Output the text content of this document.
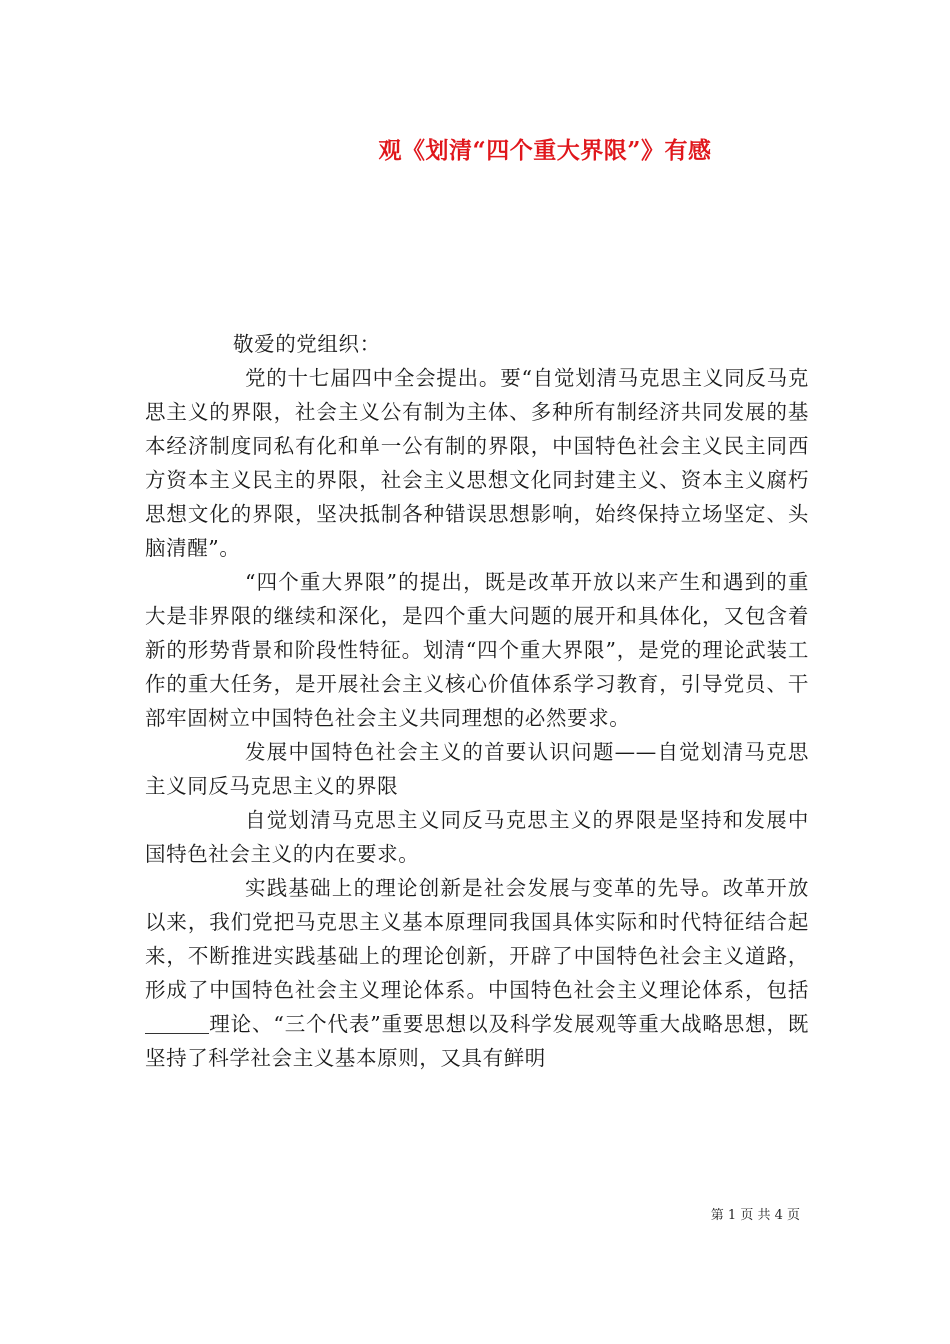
观《划清“四个重大界限”》有感

敬爱的党组织：

党的十七届四中全会提出。要“自觉划清马克思主义同反马克思主义的界限，社会主义公有制为主体、多种所有制经济共同发展的基本经济制度同私有化和单一公有制的界限，中国特色社会主义民主同西方资本主义民主的界限，社会主义思想文化同封建主义、资本主义腐朽思想文化的界限，坚决抵制各种错误思想影响，始终保持立场坚定、头脑清醒”。

“四个重大界限”的提出，既是改革开放以来产生和遇到的重大是非界限的继续和深化，是四个重大问题的展开和具体化，又包含着新的形势背景和阶段性特征。划清“四个重大界限”，是党的理论武装工作的重大任务，是开展社会主义核心价值体系学习教育，引导党员、干部牢固树立中国特色社会主义共同理想的必然要求。

发展中国特色社会主义的首要认识问题——自觉划清马克思主义同反马克思主义的界限

自觉划清马克思主义同反马克思主义的界限是坚持和发展中国特色社会主义的内在要求。

实践基础上的理论创新是社会发展与变革的先导。改革开放以来，我们党把马克思主义基本原理同我国具体实际和时代特征结合起来，不断推进实践基础上的理论创新，开辟了中国特色社会主义道路，形成了中国特色社会主义理论体系。中国特色社会主义理论体系，包括理论、“三个代表”重要思想以及科学发展观等重大战略思想，既坚持了科学社会主义基本原则，又具有鲜明

第 1 页 共 4 页
